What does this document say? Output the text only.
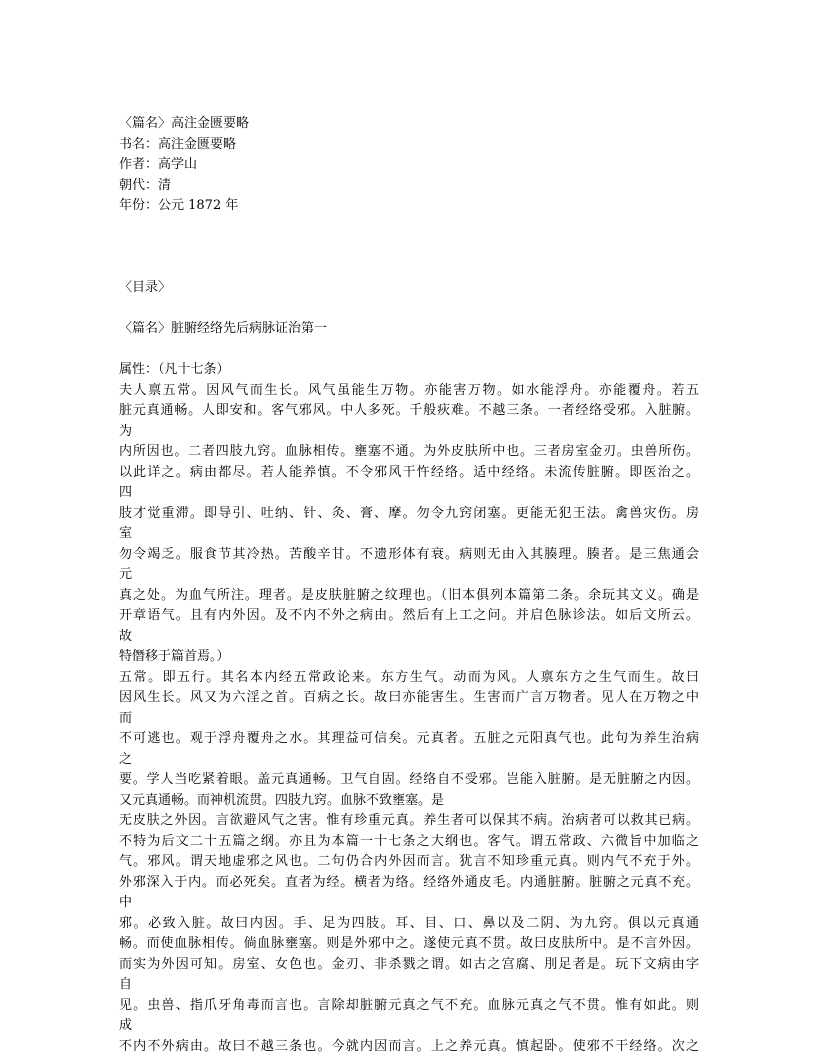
〈篇名〉高注金匮要略
书名：高注金匮要略
作者：高学山
朝代：清
年份：公元 1872 年
〈目录〉
〈篇名〉脏腑经络先后病脉证治第一
属性：（凡十七条）
夫人禀五常。因风气而生长。风气虽能生万物。亦能害万物。如水能浮舟。亦能覆舟。若五
脏元真通畅。人即安和。客气邪风。中人多死。千般疢难。不越三条。一者经络受邪。入脏腑。
为
内所因也。二者四肢九窍。血脉相传。壅塞不通。为外皮肤所中也。三者房室金刃。虫兽所伤。
以此详之。病由都尽。若人能养慎。不令邪风干忤经络。适中经络。未流传脏腑。即医治之。
四
肢才觉重滞。即导引、吐纳、针、灸、膏、摩。勿令九窍闭塞。更能无犯王法。禽兽灾伤。房
室
勿令竭乏。服食节其冷热。苦酸辛甘。不遗形体有衰。病则无由入其腠理。腠者。是三焦通会
元
真之处。为血气所注。理者。是皮肤脏腑之纹理也。（旧本俱列本篇第二条。余玩其文义。确是
开章语气。且有内外因。及不内不外之病由。然后有上工之问。并启色脉诊法。如后文所云。
故
特僭移于篇首焉。）
五常。即五行。其名本内经五常政论来。东方生气。动而为风。人禀东方之生气而生。故曰
因风生长。风又为六淫之首。百病之长。故曰亦能害生。生害而广言万物者。见人在万物之中
而
不可逃也。观于浮舟覆舟之水。其理益可信矣。元真者。五脏之元阳真气也。此句为养生治病
之
要。学人当吃紧着眼。盖元真通畅。卫气自固。经络自不受邪。岂能入脏腑。是无脏腑之内因。
又元真通畅。而神机流贯。四肢九窍。血脉不致壅塞。是
无皮肤之外因。言欲避风气之害。惟有珍重元真。养生者可以保其不病。治病者可以救其已病。
不特为后文二十五篇之纲。亦且为本篇一十七条之大纲也。客气。谓五常政、六微旨中加临之
气。邪风。谓天地虚邪之风也。二句仍合内外因而言。犹言不知珍重元真。则内气不充于外。
外邪深入于内。而必死矣。直者为经。横者为络。经络外通皮毛。内通脏腑。脏腑之元真不充。
中
邪。必致入脏。故曰内因。手、足为四肢。耳、目、口、鼻以及二阴、为九窍。俱以元真通
畅。而使血脉相传。倘血脉壅塞。则是外邪中之。遂使元真不贯。故曰皮肤所中。是不言外因。
而实为外因可知。房室、女色也。金刃、非杀戮之谓。如古之宫腐、刖足者是。玩下文病由字
自
见。虫兽、指爪牙角毒而言也。言除却脏腑元真之气不充。血脉元真之气不贯。惟有如此。则
成
不内不外病由。故曰不越三条也。今就内因而言。上之养元真。慎起卧。使邪不干经络。次之
